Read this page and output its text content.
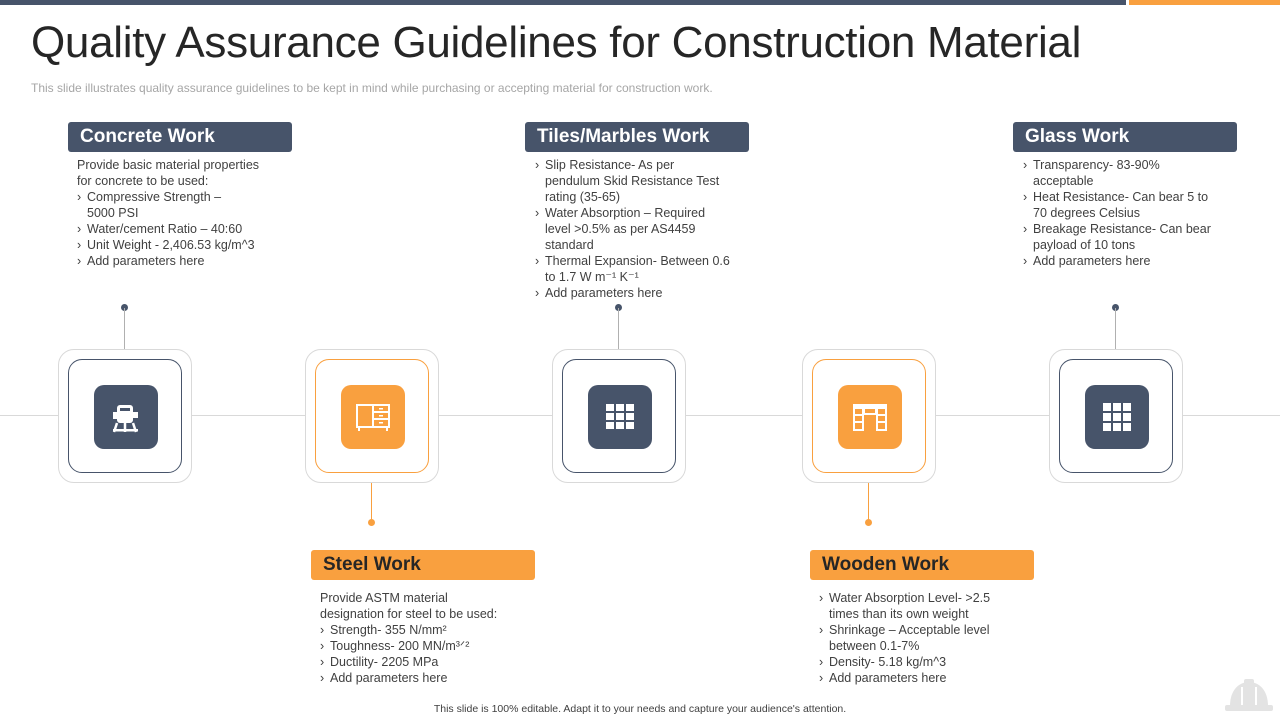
Quality Assurance Guidelines for Construction Material
This slide illustrates quality assurance guidelines to be kept in mind while purchasing or accepting material for construction work.
Concrete Work
Provide basic material properties
for concrete to be used:
› Compressive Strength –
5000 PSI
› Water/cement Ratio – 40:60
› Unit Weight - 2,406.53 kg/m^3
› Add parameters here
Tiles/Marbles Work
› Slip Resistance- As per
pendulum Skid Resistance Test
rating (35-65)
› Water Absorption – Required
level >0.5% as per AS4459
standard
› Thermal Expansion- Between 0.6
to 1.7 W m⁻¹ K⁻¹
› Add parameters here
Glass Work
› Transparency- 83-90%
acceptable
› Heat Resistance- Can bear 5 to
70 degrees Celsius
› Breakage Resistance- Can bear
payload of 10 tons
› Add parameters here
Steel Work
Provide ASTM material
designation for steel to be used:
› Strength- 355 N/mm²
› Toughness- 200 MN/m³ᐟ²
› Ductility- 2205 MPa
› Add parameters here
Wooden Work
› Water Absorption Level- >2.5
times than its own weight
› Shrinkage – Acceptable level
between 0.1-7%
› Density- 5.18 kg/m^3
› Add parameters here
This slide is 100% editable. Adapt it to your needs and capture your audience's attention.
